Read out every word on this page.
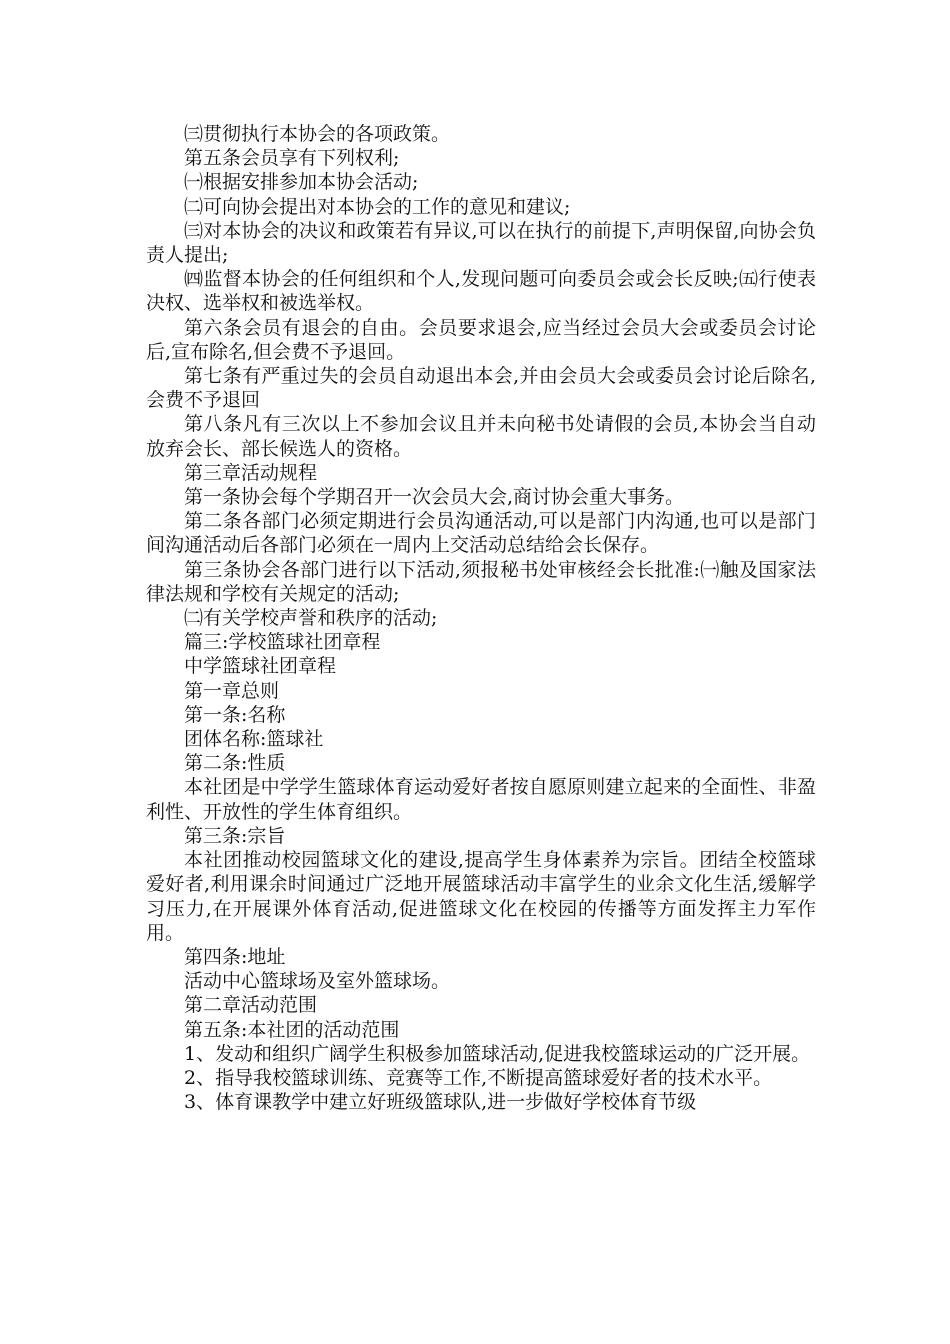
㈢贯彻执行本协会的各项政策。

第五条会员享有下列权利;

㈠根据安排参加本协会活动;

㈡可向协会提出对本协会的工作的意见和建议;

㈢对本协会的决议和政策若有异议,可以在执行的前提下,声明保留,向协会负责人提出;

㈣监督本协会的任何组织和个人,发现问题可向委员会或会长反映;㈤行使表决权、选举权和被选举权。

第六条会员有退会的自由。会员要求退会,应当经过会员大会或委员会讨论后,宣布除名,但会费不予退回。

第七条有严重过失的会员自动退出本会,并由会员大会或委员会讨论后除名,会费不予退回

第八条凡有三次以上不参加会议且并未向秘书处请假的会员,本协会当自动放弃会长、部长候选人的资格。

第三章活动规程

第一条协会每个学期召开一次会员大会,商讨协会重大事务。

第二条各部门必须定期进行会员沟通活动,可以是部门内沟通,也可以是部门间沟通活动后各部门必须在一周内上交活动总结给会长保存。

第三条协会各部门进行以下活动,须报秘书处审核经会长批准:㈠触及国家法律法规和学校有关规定的活动;

㈡有关学校声誉和秩序的活动;

篇三:学校篮球社团章程

中学篮球社团章程

第一章总则

第一条:名称

团体名称:篮球社

第二条:性质

本社团是中学学生篮球体育运动爱好者按自愿原则建立起来的全面性、非盈利性、开放性的学生体育组织。

第三条:宗旨

本社团推动校园篮球文化的建设,提高学生身体素养为宗旨。团结全校篮球爱好者,利用课余时间通过广泛地开展篮球活动丰富学生的业余文化生活,缓解学习压力,在开展课外体育活动,促进篮球文化在校园的传播等方面发挥主力军作用。

第四条:地址

活动中心篮球场及室外篮球场。

第二章活动范围

第五条:本社团的活动范围

1、发动和组织广阔学生积极参加篮球活动,促进我校篮球运动的广泛开展。

2、指导我校篮球训练、竞赛等工作,不断提高篮球爱好者的技术水平。

3、体育课教学中建立好班级篮球队,进一步做好学校体育节级
